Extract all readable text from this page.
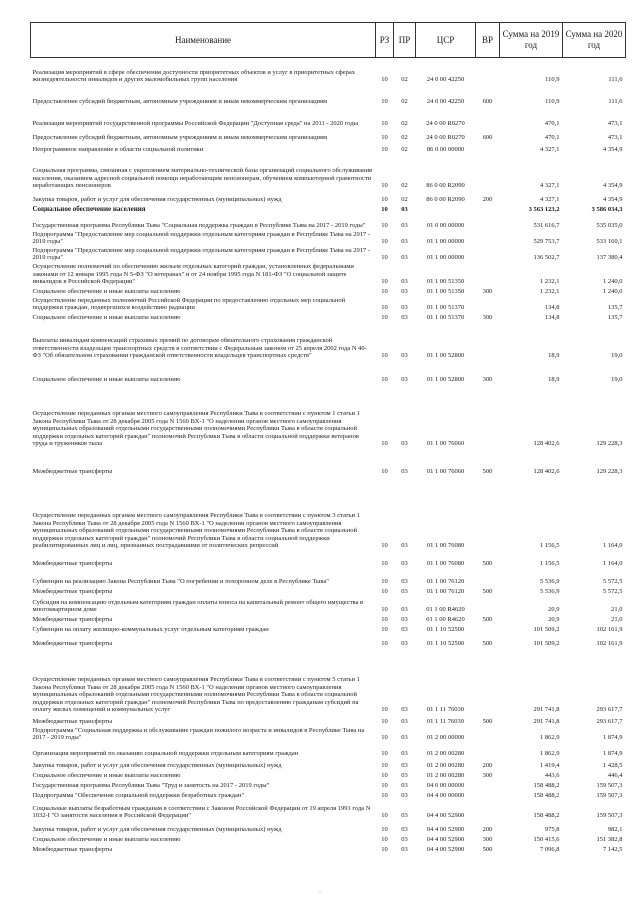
Наименование	РЗ	ПР	ЦСР	ВР	Сумма на 2019 год	Сумма на 2020 год
Реализация мероприятий в сфере обеспечения доступности приоритетных объектов и услуг в приоритетных сферах жизнедеятельности инвалидов и других маломобильных групп населения	10	02	24 0 00 42250		110,9	111,6
Предоставление субсидий бюджетным, автономным учреждениям и иным некоммерческим организациям	10	02	24 0 00 42250	600	110,9	111,6
Реализация мероприятий государственной программы Российской Федерации "Доступная среда" на 2011 - 2020 годы	10	02	24 0 00 R0270		470,1	473,1
Предоставление субсидий бюджетным, автономным учреждениям и иным некоммерческим организациям	10	02	24 0 00 R0270	600	470,1	473,1
Непрограммное направление в области социальной политики	10	02	86 0 00 00000		4 327,1	4 354,9
Социальная программа, связанная с укреплением материально-технической базы организаций социального обслуживания населения, оказанием адресной социальной помощи неработающим пенсионерам, обучением компьютерной грамотности неработающих пенсионеров	10	02	86 0 00 R2090		4 327,1	4 354,9
Закупка товаров, работ и услуг для обеспечения государственных (муниципальных) нужд	10	02	86 0 00 R2090	200	4 327,1	4 354,9
Социальное обеспечение населения	10	03			3 563 123,2	3 586 034,3
Государственная программа Республики Тыва "Социальная поддержка граждан в Республике Тыва на 2017 - 2019 годы"	10	03	01 0 00 00000		531 616,7	535 035,0
Подпрограмма "Предоставление мер социальной поддержки отдельным категориям граждан в Республике Тыва на 2017 - 2019 годы"	10	03	01 1 00 00000		529 753,7	533 160,1
Подпрограмма "Предоставление мер социальной поддержки отдельным категориям граждан в Республике Тыва на 2017 - 2019 годы"	10	03	01 1 00 00000		136 502,7	137 380,4
Осуществление полномочий по обеспечению жильем отдельных категорий граждан, установленных федеральными законами от 12 января 1995 года N 5-ФЗ "О ветеранах" и от 24 ноября 1995 года N 181-ФЗ "О социальной защите инвалидов в Российской Федерации"	10	03	01 1 00 51350		1 232,1	1 240,0
Социальное обеспечение и иные выплаты населению	10	03	01 1 00 51350	300	1 232,1	1 240,0
Осуществление переданных полномочий Российской Федерации по предоставлению отдельных мер социальной поддержки граждан, подвергшихся воздействию радиации	10	03	01 1 00 51370		134,8	135,7
Социальное обеспечение и иные выплаты населению	10	03	01 1 00 51370	300	134,8	135,7
Выплаты инвалидам компенсаций страховых премий по договорам обязательного страхования гражданской ответственности владельцев транспортных средств в соответствии с Федеральным законом от 25 апреля 2002 года N 40-ФЗ "Об обязательном страховании гражданской ответственности владельцев транспортных средств"	10	03	01 1 00 52800		18,9	19,0
Социальное обеспечение и иные выплаты населению	10	03	01 1 00 52800	300	18,9	19,0
Осуществление переданных органам местного самоуправления Республики Тыва в соответствии с пунктом 1 статьи 1 Закона Республики Тыва от 28 декабря 2005 года N 1560 ВХ-1 "О наделении органов местного самоуправления муниципальных образований отдельными государственными полномочиями Республики Тыва в области социальной поддержки отдельных категорий граждан" полномочий Республики Тыва в области социальной поддержки ветеранов труда и тружеников тыла	10	03	01 1 00 76060		128 402,6	129 228,3
Межбюджетные трансферты	10	03	01 1 00 76060	500	128 402,6	129 228,3
Осуществление переданных органам местного самоуправления Республики Тыва в соответствии с пунктом 3 статьи 1 Закона Республики Тыва от 28 декабря 2005 года N 1560 ВХ-1 "О наделении органов местного самоуправления муниципальных образований отдельными государственными полномочиями Республики Тыва в области социальной поддержки отдельных категорий граждан" полномочий Республики Тыва в области социальной поддержки реабилитированных лиц и лиц, признанных пострадавшими от политических репрессий	10	03	01 1 00 76080		1 156,5	1 164,0
Межбюджетные трансферты	10	03	01 1 00 76080	500	1 156,5	1 164,0
Субвенции на реализацию Закона Республики Тыва "О погребении и похоронном деле в Республике Тыва"	10	03	01 1 00 76120		5 536,9	5 572,5
Межбюджетные трансферты	10	03	01 1 00 76120	500	5 536,9	5 572,5
Субсидия на компенсацию отдельным категориям граждан оплаты взноса на капитальный ремонт общего имущества в многоквартирном доме	10	03	01 1 00 R4620		20,9	21,0
Межбюджетные трансферты	10	03	01 1 00 R4620	500	20,9	21,0
Субвенции на оплату жилищно-коммунальных услуг отдельным категориям граждан	10	03	01 1 10 52500		101 509,2	102 161,9
Межбюджетные трансферты	10	03	01 1 10 52500	500	101 509,2	102 161,9
Осуществление переданных органам местного самоуправления Республики Тыва в соответствии с пунктом 5 статьи 1 Закона Республики Тыва от 28 декабря 2005 года N 1560 ВХ-1 "О наделении органов местного самоуправления муниципальных образований отдельными государственными полномочиями Республики Тыва в области социальной поддержки отдельных категорий граждан" полномочий Республики Тыва по предоставлению гражданам субсидий на оплату жилых помещений и коммунальных услуг	10	03	01 1 11 76030		291 741,8	293 617,7
Межбюджетные трансферты	10	03	01 1 11 76030	500	291 741,8	293 617,7
Подпрограмма "Социальная поддержка и обслуживание граждан пожилого возраста и инвалидов в Республике Тыва на 2017 - 2019 годы"	10	03	01 2 00 00000		1 862,9	1 874,9
Организация мероприятий по оказанию социальной поддержки отдельным категориям граждан	10	03	01 2 00 00280		1 862,9	1 874,9
Закупка товаров, работ и услуг для обеспечения государственных (муниципальных) нужд	10	03	01 2 00 00280	200	1 419,4	1 428,5
Социальное обеспечение и иные выплаты населению	10	03	01 2 00 00280	300	443,6	446,4
Государственная программа Республики Тыва "Труд и занятость на 2017 - 2019 годы"	10	03	04 0 00 00000		158 488,2	159 507,3
Подпрограмма "Обеспечение социальной поддержки безработных граждан"	10	03	04 4 00 00000		158 488,2	159 507,3
Социальные выплаты безработным гражданам в соответствии с Законом Российской Федерации от 19 апреля 1991 года N 1032-I "О занятости населения в Российской Федерации"	10	03	04 4 00 52900		158 488,2	159 507,3
Закупка товаров, работ и услуг для обеспечения государственных (муниципальных) нужд	10	03	04 4 00 52900	200	975,8	982,1
Социальное обеспечение и иные выплаты населению	10	03	04 4 00 52900	300	150 415,6	151 382,8
Межбюджетные трансферты	10	03	04 4 00 52900	500	7 096,8	7 142,5
·
